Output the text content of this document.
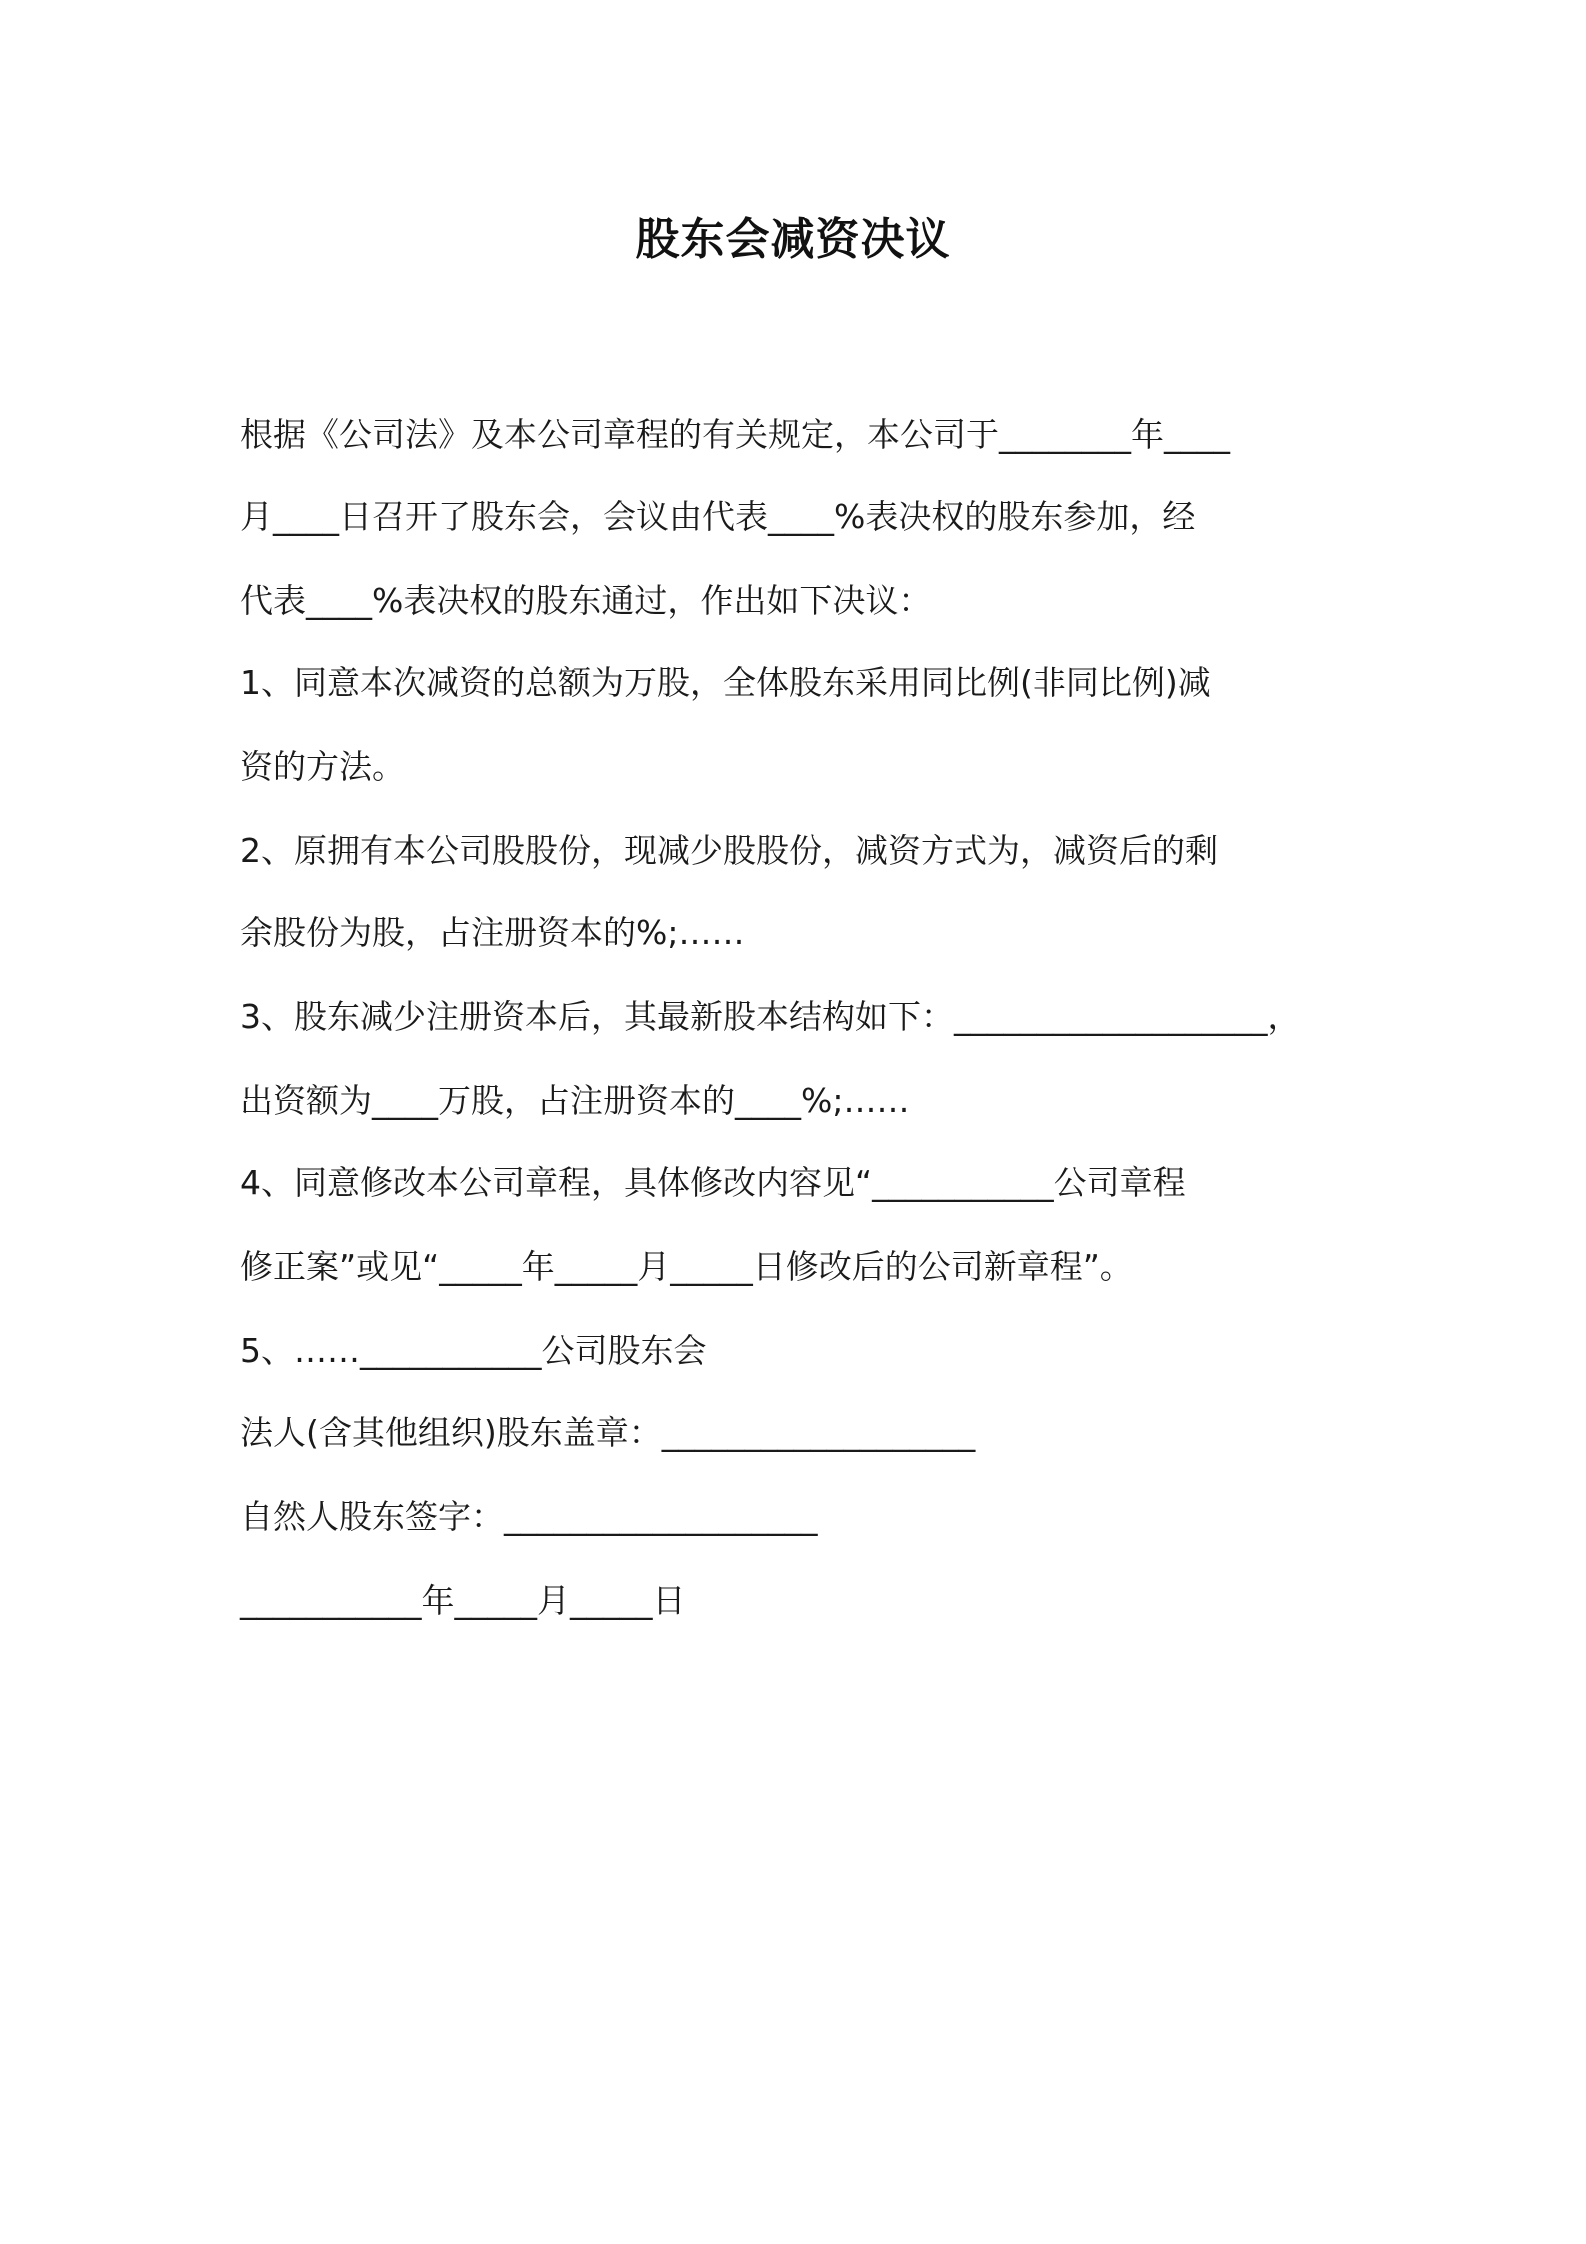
股东会减资决议
根据《公司法》及本公司章程的有关规定，本公司于________年____
月____日召开了股东会，会议由代表____%表决权的股东参加，经
代表____%表决权的股东通过，作出如下决议：
1、同意本次减资的总额为万股，全体股东采用同比例(非同比例)减
资的方法。
2、原拥有本公司股股份，现减少股股份，减资方式为，减资后的剩
余股份为股，占注册资本的%;……
3、股东减少注册资本后，其最新股本结构如下：___________________，
出资额为____万股，占注册资本的____%;……
4、同意修改本公司章程，具体修改内容见“___________公司章程
修正案”或见“_____年_____月_____日修改后的公司新章程”。
5、……___________公司股东会
法人(含其他组织)股东盖章：___________________
自然人股东签字：___________________
___________年_____月_____日
